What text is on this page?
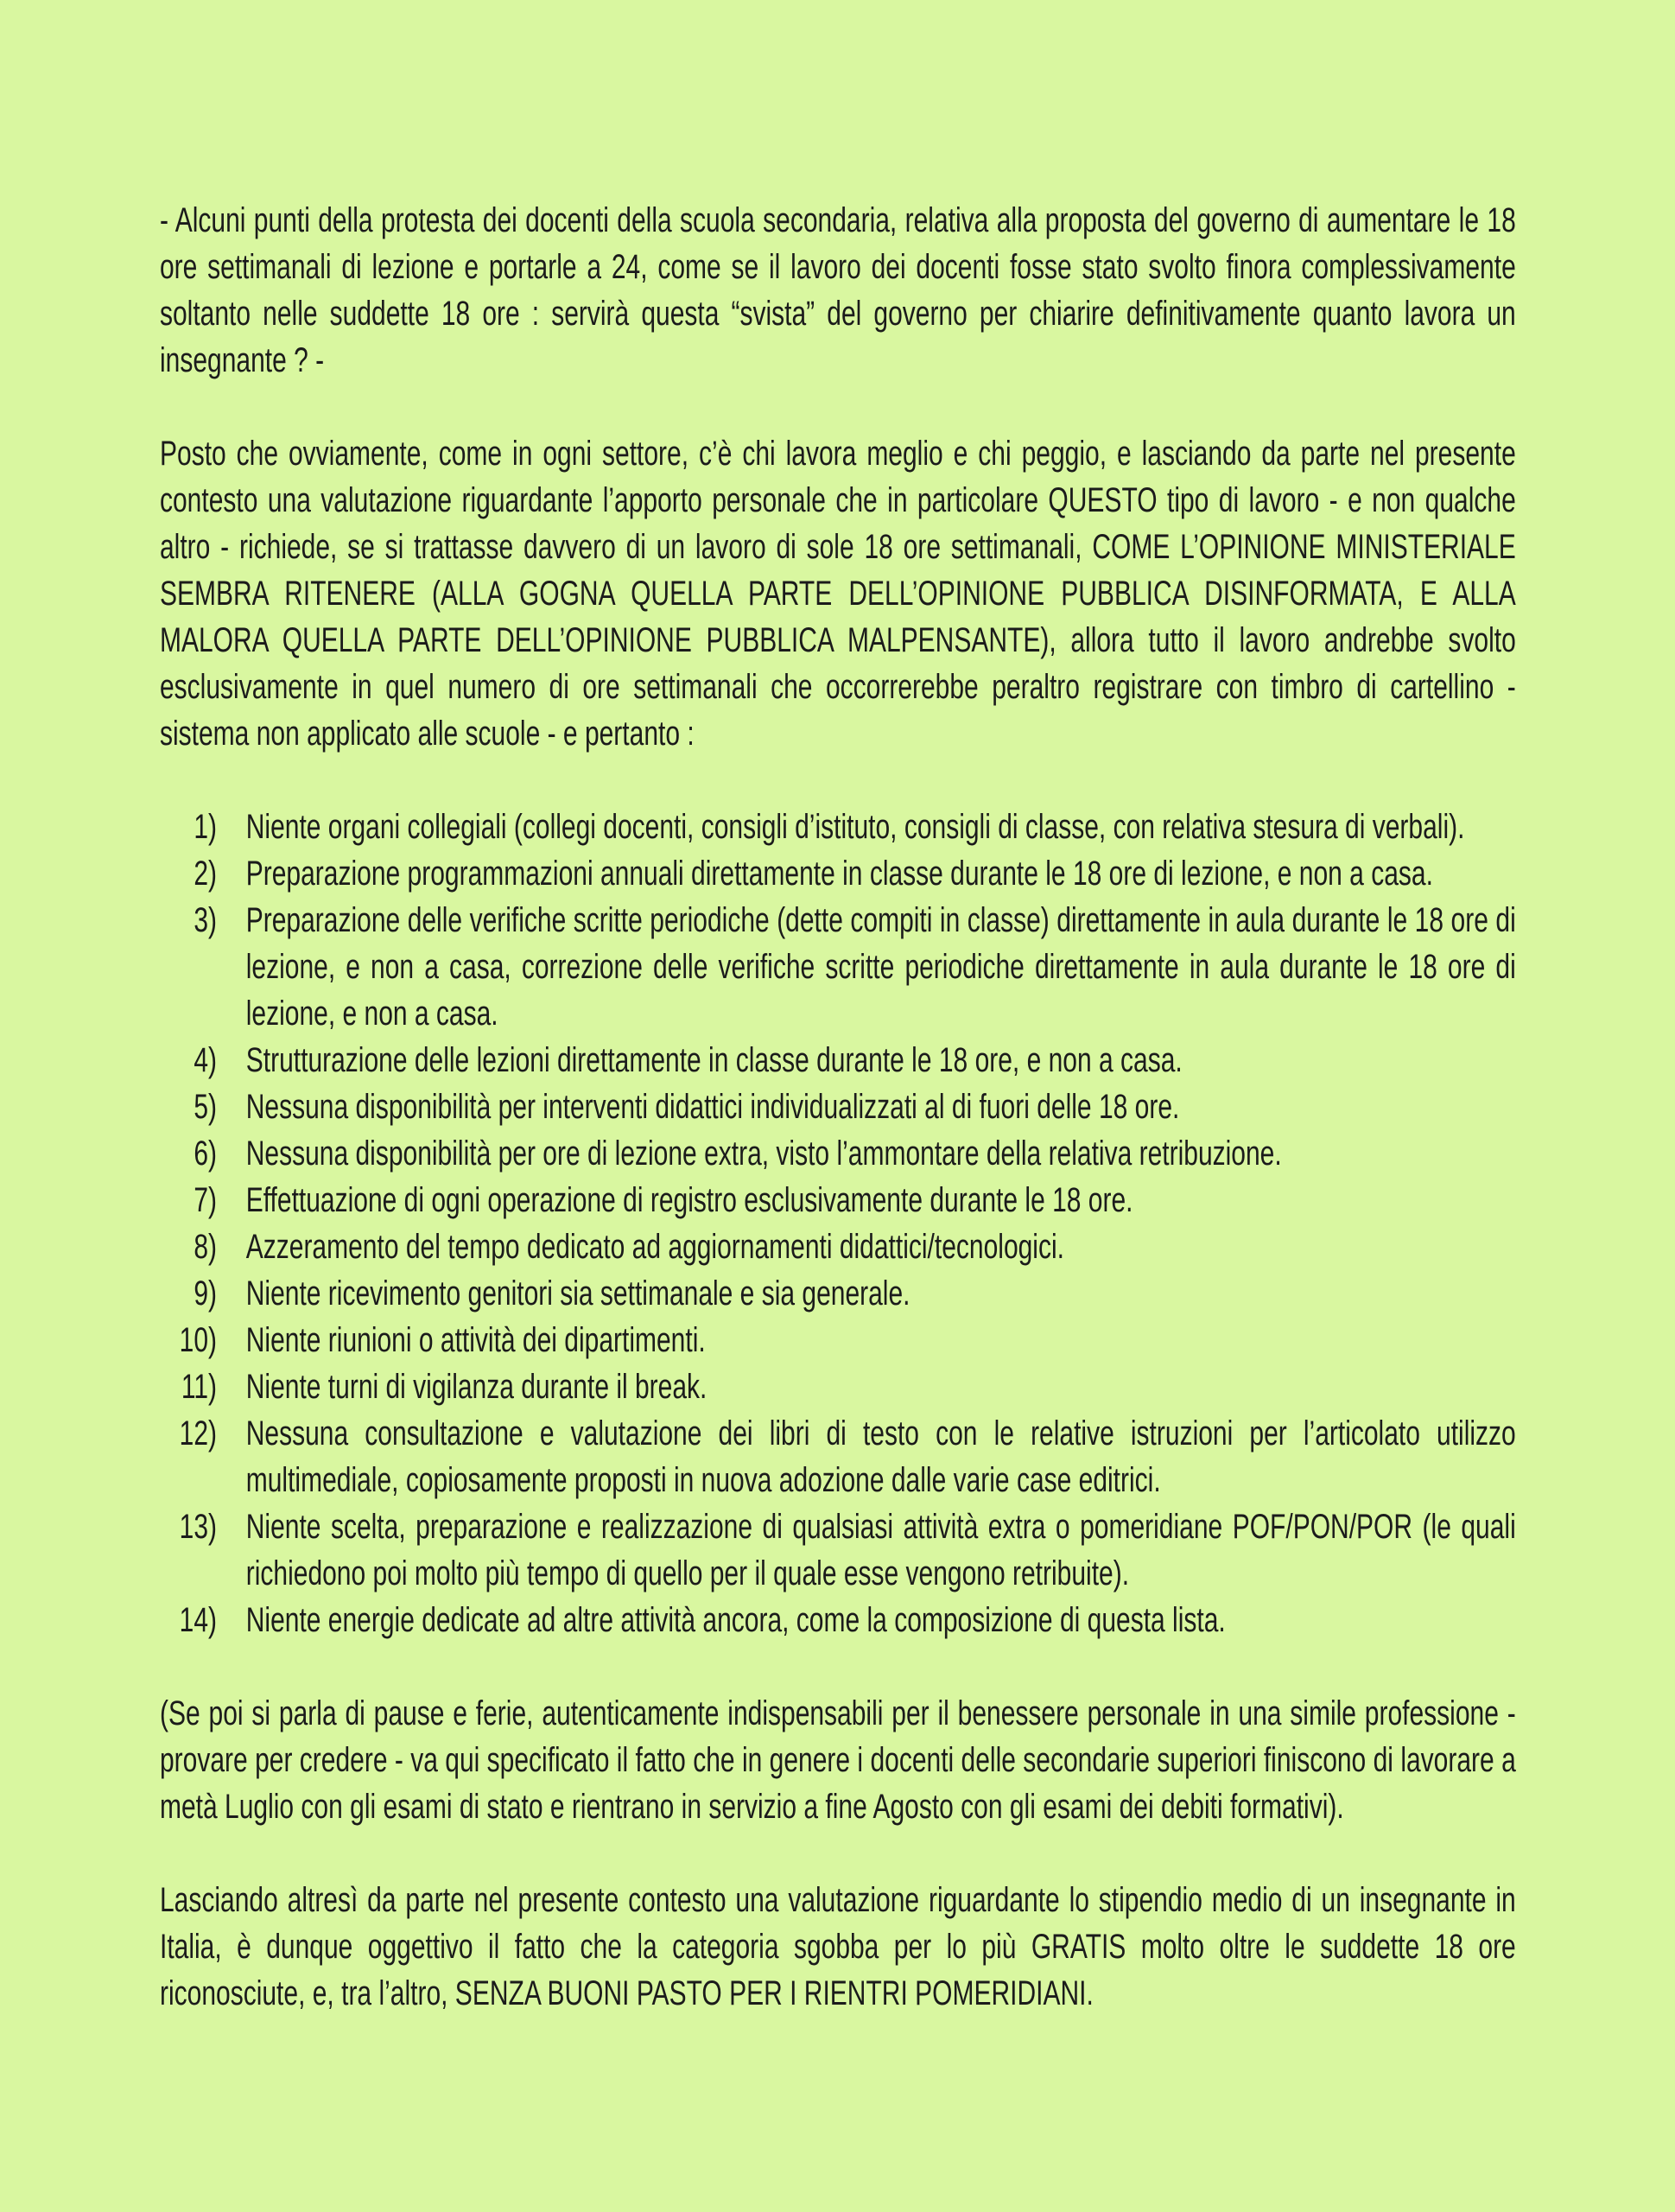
- Alcuni punti della protesta dei docenti della scuola secondaria, relativa alla proposta del governo di aumentare le 18 ore settimanali di lezione e portarle a 24, come se il lavoro dei docenti fosse stato svolto finora complessivamente soltanto nelle suddette 18 ore : servirà questa “svista” del governo per chiarire definitivamente quanto lavora un insegnante ? -

Posto che ovviamente, come in ogni settore, c’è chi lavora meglio e chi peggio, e lasciando da parte nel presente contesto una valutazione riguardante l’apporto personale che in particolare QUESTO tipo di lavoro - e non qualche altro - richiede, se si trattasse davvero di un lavoro di sole 18 ore settimanali, COME L’OPINIONE MINISTERIALE SEMBRA RITENERE (ALLA GOGNA QUELLA PARTE DELL’OPINIONE PUBBLICA DISINFORMATA, E ALLA MALORA QUELLA PARTE DELL’OPINIONE PUBBLICA MALPENSANTE), allora tutto il lavoro andrebbe svolto esclusivamente in quel numero di ore settimanali che occorrerebbe peraltro registrare con timbro di cartellino - sistema non applicato alle scuole - e pertanto :

1) Niente organi collegiali (collegi docenti, consigli d’istituto, consigli di classe, con relativa stesura di verbali).
2) Preparazione programmazioni annuali direttamente in classe durante le 18 ore di lezione, e non a casa.
3) Preparazione delle verifiche scritte periodiche (dette compiti in classe) direttamente in aula durante le 18 ore di lezione, e non a casa, correzione delle verifiche scritte periodiche direttamente in aula durante le 18 ore di lezione, e non a casa.
4) Strutturazione delle lezioni direttamente in classe durante le 18 ore, e non a casa.
5) Nessuna disponibilità per interventi didattici individualizzati al di fuori delle 18 ore.
6) Nessuna disponibilità per ore di lezione extra, visto l’ammontare della relativa retribuzione.
7) Effettuazione di ogni operazione di registro esclusivamente durante le 18 ore.
8) Azzeramento del tempo dedicato ad aggiornamenti didattici/tecnologici.
9) Niente ricevimento genitori sia settimanale e sia generale.
10) Niente riunioni o attività dei dipartimenti.
11) Niente turni di vigilanza durante il break.
12) Nessuna consultazione e valutazione dei libri di testo con le relative istruzioni per l’articolato utilizzo multimediale, copiosamente proposti in nuova adozione dalle varie case editrici.
13) Niente scelta, preparazione e realizzazione di qualsiasi attività extra o pomeridiane POF/PON/POR (le quali richiedono poi molto più tempo di quello per il quale esse vengono retribuite).
14) Niente energie dedicate ad altre attività ancora, come la composizione di questa lista.

(Se poi si parla di pause e ferie, autenticamente indispensabili per il benessere personale in una simile professione - provare per credere - va qui specificato il fatto che in genere i docenti delle secondarie superiori finiscono di lavorare a metà Luglio con gli esami di stato e rientrano in servizio a fine Agosto con gli esami dei debiti formativi).

Lasciando altresì da parte nel presente contesto una valutazione riguardante lo stipendio medio di un insegnante in Italia, è dunque oggettivo il fatto che la categoria sgobba per lo più GRATIS molto oltre le suddette 18 ore riconosciute, e, tra l’altro, SENZA BUONI PASTO PER I RIENTRI POMERIDIANI.
